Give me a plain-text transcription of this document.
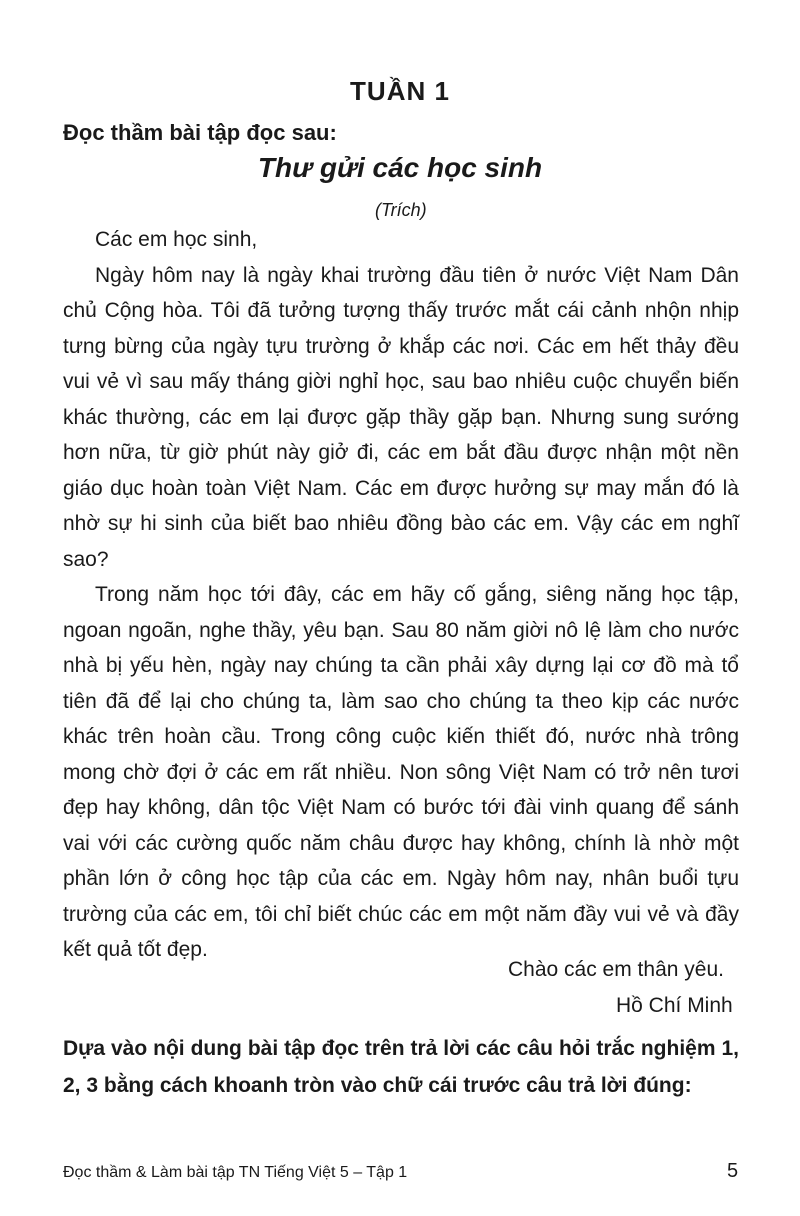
TUẦN 1
Đọc thầm bài tập đọc sau:
Thư gửi các học sinh
(Trích)

Các em học sinh,

Ngày hôm nay là ngày khai trường đầu tiên ở nước Việt Nam Dân chủ Cộng hòa. Tôi đã tưởng tượng thấy trước mắt cái cảnh nhộn nhịp tưng bừng của ngày tựu trường ở khắp các nơi. Các em hết thảy đều vui vẻ vì sau mấy tháng giời nghỉ học, sau bao nhiêu cuộc chuyển biến khác thường, các em lại được gặp thầy gặp bạn. Nhưng sung sướng hơn nữa, từ giờ phút này giở đi, các em bắt đầu được nhận một nền giáo dục hoàn toàn Việt Nam. Các em được hưởng sự may mắn đó là nhờ sự hi sinh của biết bao nhiêu đồng bào các em. Vậy các em nghĩ sao?

Trong năm học tới đây, các em hãy cố gắng, siêng năng học tập, ngoan ngoãn, nghe thầy, yêu bạn. Sau 80 năm giời nô lệ làm cho nước nhà bị yếu hèn, ngày nay chúng ta cần phải xây dựng lại cơ đồ mà tổ tiên đã để lại cho chúng ta, làm sao cho chúng ta theo kịp các nước khác trên hoàn cầu. Trong công cuộc kiến thiết đó, nước nhà trông mong chờ đợi ở các em rất nhiều. Non sông Việt Nam có trở nên tươi đẹp hay không, dân tộc Việt Nam có bước tới đài vinh quang để sánh vai với các cường quốc năm châu được hay không, chính là nhờ một phần lớn ở công học tập của các em. Ngày hôm nay, nhân buổi tựu trường của các em, tôi chỉ biết chúc các em một năm đầy vui vẻ và đầy kết quả tốt đẹp.

Chào các em thân yêu.
Hồ Chí Minh
Dựa vào nội dung bài tập đọc trên trả lời các câu hỏi trắc nghiệm 1, 2, 3 bằng cách khoanh tròn vào chữ cái trước câu trả lời đúng:
Đọc thầm & Làm bài tập TN Tiếng Việt 5 – Tập 1	5
